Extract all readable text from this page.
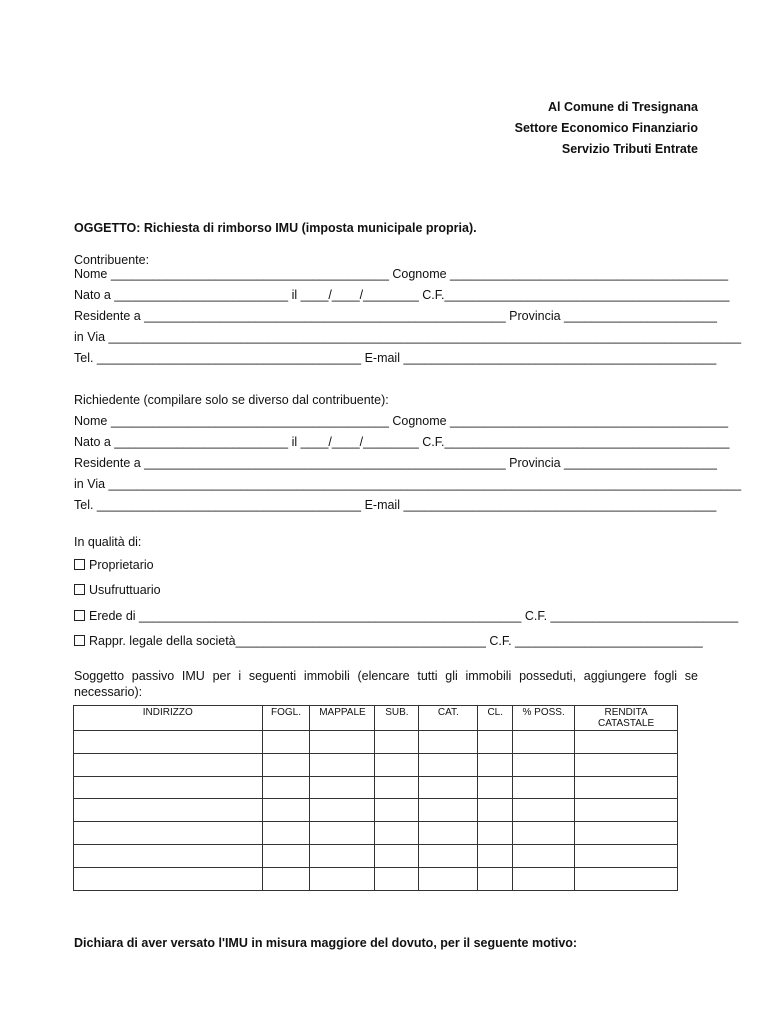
Al Comune di Tresignana
Settore Economico Finanziario
Servizio Tributi Entrate
OGGETTO: Richiesta di rimborso IMU (imposta municipale propria).
Contribuente:
Nome ________________________________________ Cognome ________________________________________
Nato a _________________________ il ____/____/________ C.F._________________________________________
Residente a ____________________________________________________ Provincia ______________________
in Via ___________________________________________________________________________________________
Tel. ______________________________________ E-mail _____________________________________________
Richiedente (compilare solo se diverso dal contribuente):
Nome ________________________________________ Cognome ________________________________________
Nato a _________________________ il ____/____/________ C.F._________________________________________
Residente a ____________________________________________________ Provincia ______________________
in Via ___________________________________________________________________________________________
Tel. ______________________________________ E-mail _____________________________________________
In qualità di:
Proprietario
Usufruttuario
Erede di _______________________________________________________ C.F. ___________________________
Rappr. legale della società____________________________________ C.F. ___________________________
Soggetto passivo IMU per i seguenti immobili (elencare tutti gli immobili posseduti, aggiungere fogli se necessario):
INDIRIZZO	FOGL.	MAPPALE	SUB.	CAT.	CL.	% POSS.	RENDITA CATASTALE

Dichiara di aver versato l'IMU in misura maggiore del dovuto, per il seguente motivo:
